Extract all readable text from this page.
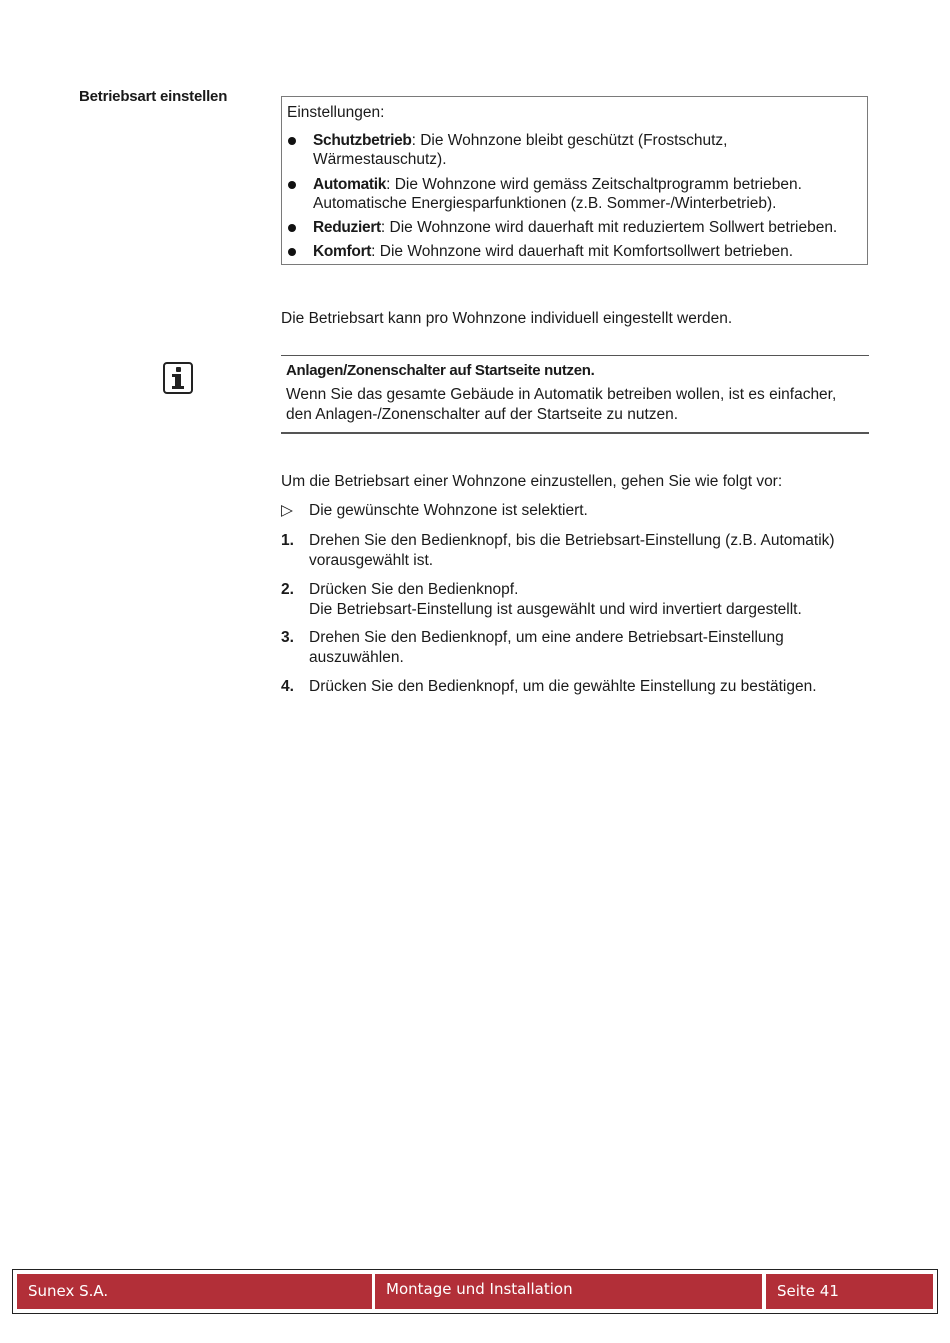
Betriebsart einstellen
Einstellungen:
Schutzbetrieb: Die Wohnzone bleibt geschützt (Frostschutz, Wärmestauschutz).
Automatik: Die Wohnzone wird gemäss Zeitschaltprogramm betrieben. Automatische Energiesparfunktionen (z.B. Sommer-/Winterbetrieb).
Reduziert: Die Wohnzone wird dauerhaft mit reduziertem Sollwert betrieben.
Komfort: Die Wohnzone wird dauerhaft mit Komfortsollwert betrieben.
Die Betriebsart kann pro Wohnzone individuell eingestellt werden.
Anlagen/Zonenschalter auf Startseite nutzen.
Wenn Sie das gesamte Gebäude in Automatik betreiben wollen, ist es einfacher, den Anlagen-/Zonenschalter auf der Startseite zu nutzen.
Um die Betriebsart einer Wohnzone einzustellen, gehen Sie wie folgt vor:
▷ Die gewünschte Wohnzone ist selektiert.
1. Drehen Sie den Bedienknopf, bis die Betriebsart-Einstellung (z.B. Automatik) vorausgewählt ist.
2. Drücken Sie den Bedienknopf.
Die Betriebsart-Einstellung ist ausgewählt und wird invertiert dargestellt.
3. Drehen Sie den Bedienknopf, um eine andere Betriebsart-Einstellung auszuwählen.
4. Drücken Sie den Bedienknopf, um die gewählte Einstellung zu bestätigen.
Sunex S.A.	Montage und Installation	Seite 41
